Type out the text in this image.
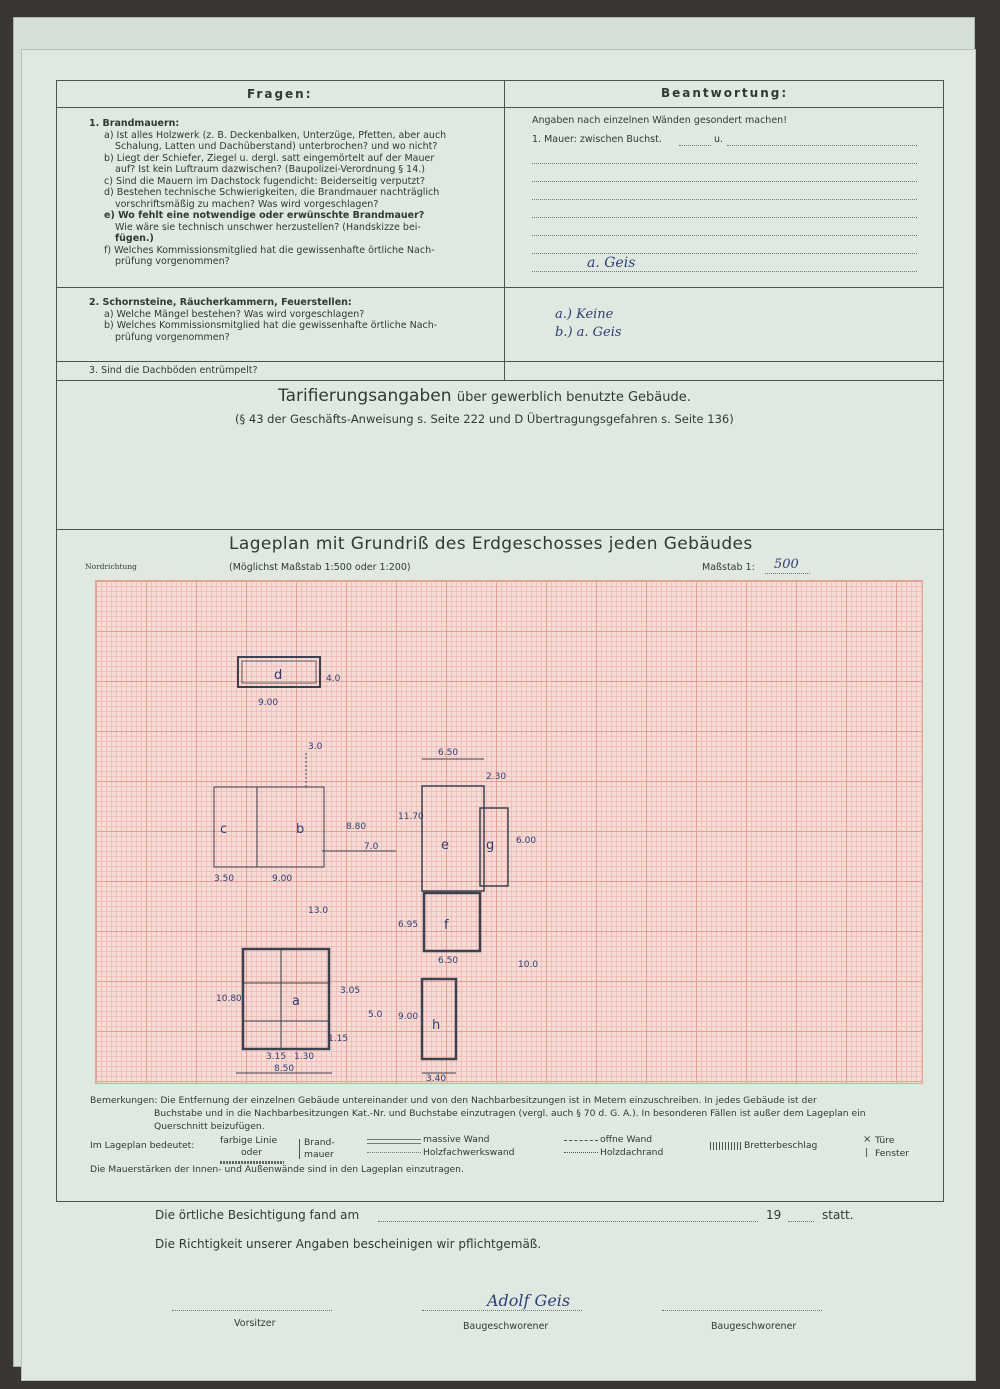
Fragen:	Beantwortung:
1. Brandmauern:
a) Ist alles Holzwerk (z. B. Deckenbalken, Unterzüge, Pfetten, aber auch
Schalung, Latten und Dachüberstand) unterbrochen? und wo nicht?
b) Liegt der Schiefer, Ziegel u. dergl. satt eingemörtelt auf der Mauer
auf? Ist kein Luftraum dazwischen? (Baupolizei-Verordnung § 14.)
c) Sind die Mauern im Dachstock fugendicht: Beiderseitig verputzt?
d) Bestehen technische Schwierigkeiten, die Brandmauer nachträglich
vorschriftsmäßig zu machen? Was wird vorgeschlagen?
e) Wo fehlt eine notwendige oder erwünschte Brandmauer?
Wie wäre sie technisch unschwer herzustellen? (Handskizze bei-
fügen.)
f) Welches Kommissionsmitglied hat die gewissenhafte örtliche Nach-
prüfung vorgenommen?
Angaben nach einzelnen Wänden gesondert machen!
1. Mauer: zwischen Buchst.	u.
a. Geis
2. Schornsteine, Räucherkammern, Feuerstellen:
a) Welche Mängel bestehen? Was wird vorgeschlagen?
b) Welches Kommissionsmitglied hat die gewissenhafte örtliche Nach-
prüfung vorgenommen?
a.) Keine
b.) a. Geis
3. Sind die Dachböden entrümpelt?
Tarifierungsangaben über gewerblich benutzte Gebäude.
(§ 43 der Geschäfts-Anweisung s. Seite 222 und D Übertragungsgefahren s. Seite 136)
Lageplan mit Grundriß des Erdgeschosses jeden Gebäudes
Nordrichtung	(Möglichst Maßstab 1:500 oder 1:200)	Maßstab 1: 500
Bemerkungen: Die Entfernung der einzelnen Gebäude untereinander und von den Nachbarbesitzungen ist in Metern einzuschreiben. In jedes Gebäude ist der
Buchstabe und in die Nachbarbesitzungen Kat.-Nr. und Buchstabe einzutragen (vergl. auch § 70 d. G. A.). In besonderen Fällen ist außer dem Lageplan ein
Querschnitt beizufügen.
Im Lageplan bedeutet:	farbige Linie
oder
Brand-
mauer
massive Wand
Holzfachwerkswand
offne Wand
Holzdachrand
Bretterbeschlag
× Türe
| Fenster
Die Mauerstärken der Innen- und Außenwände sind in den Lageplan einzutragen.
d
b
c
e
f
g
a
h
4.0
9.00
3.0
6.50
2.30
11.70
8.80
7.0
6.00
3.50	9.00
13.0
6.95
6.50	10.0
10.80
3.05
5.0 9.00
3.15 1.30
1.15
8.50
3.40
Die örtliche Besichtigung fand am	19	statt.
Die Richtigkeit unserer Angaben bescheinigen wir pflichtgemäß.
Adolf Geis
Vorsitzer	Baugeschworener	Baugeschworener
